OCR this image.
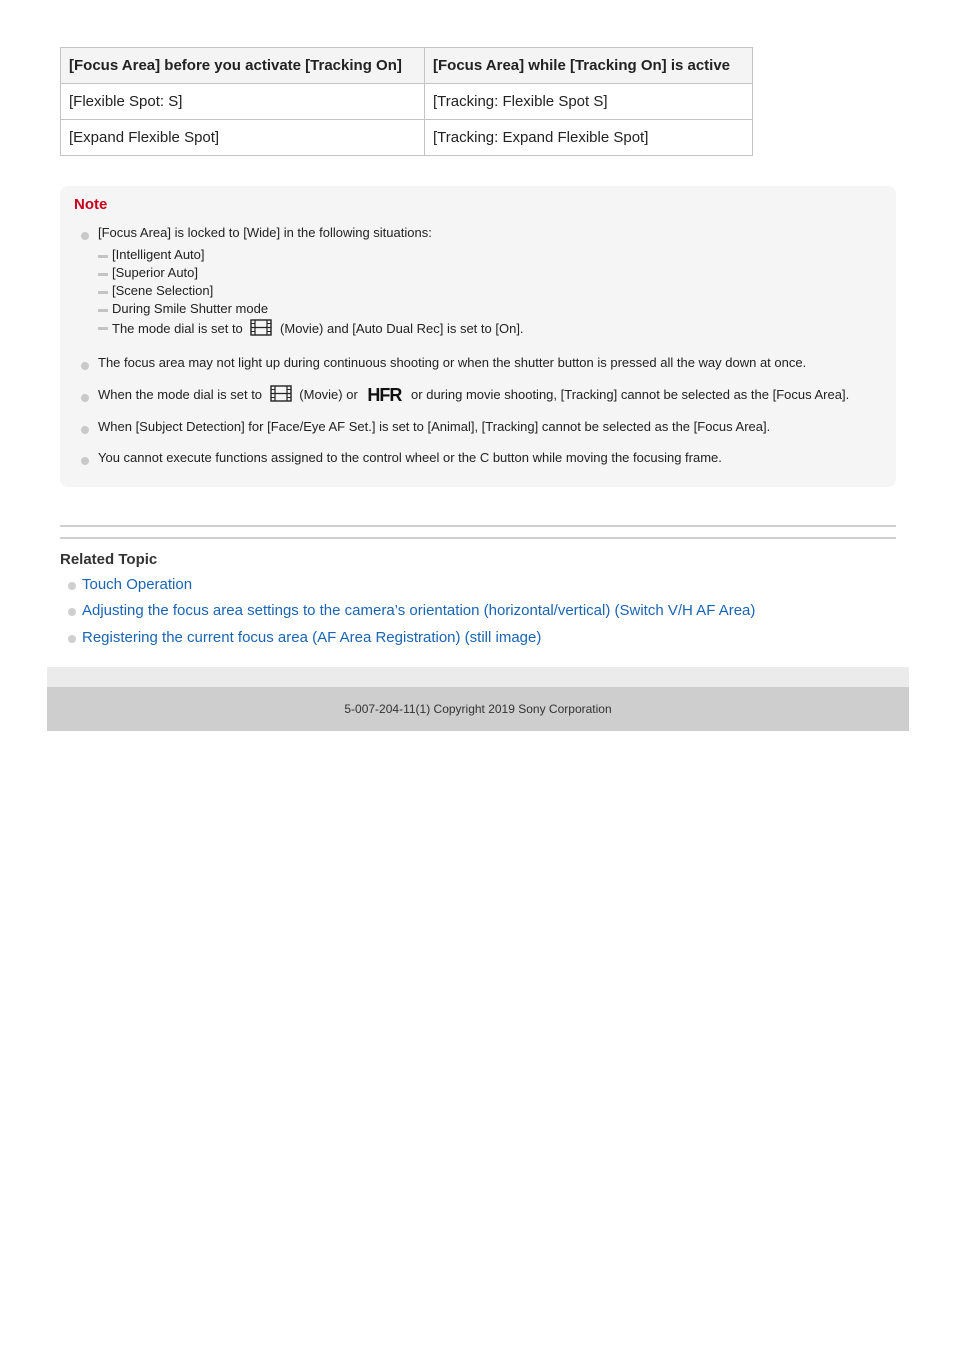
[Focus Area] before you activate [Tracking On]	[Focus Area] while [Tracking On] is active
[Flexible Spot: S]	[Tracking: Flexible Spot S]
[Expand Flexible Spot]	[Tracking: Expand Flexible Spot]
Note
[Focus Area] is locked to [Wide] in the following situations:
[Intelligent Auto]
[Superior Auto]
[Scene Selection]
During Smile Shutter mode
The mode dial is set to	(Movie) and [Auto Dual Rec] is set to [On].
The focus area may not light up during continuous shooting or when the shutter button is pressed all the way down at once.
When the mode dial is set to	(Movie) or HFR or during movie shooting, [Tracking] cannot be selected as the [Focus Area].
When [Subject Detection] for [Face/Eye AF Set.] is set to [Animal], [Tracking] cannot be selected as the [Focus Area].
You cannot execute functions assigned to the control wheel or the C button while moving the focusing frame.
Related Topic
Touch Operation
Adjusting the focus area settings to the camera’s orientation (horizontal/vertical) (Switch V/H AF Area)
Registering the current focus area (AF Area Registration) (still image)
5-007-204-11(1) Copyright 2019 Sony Corporation
